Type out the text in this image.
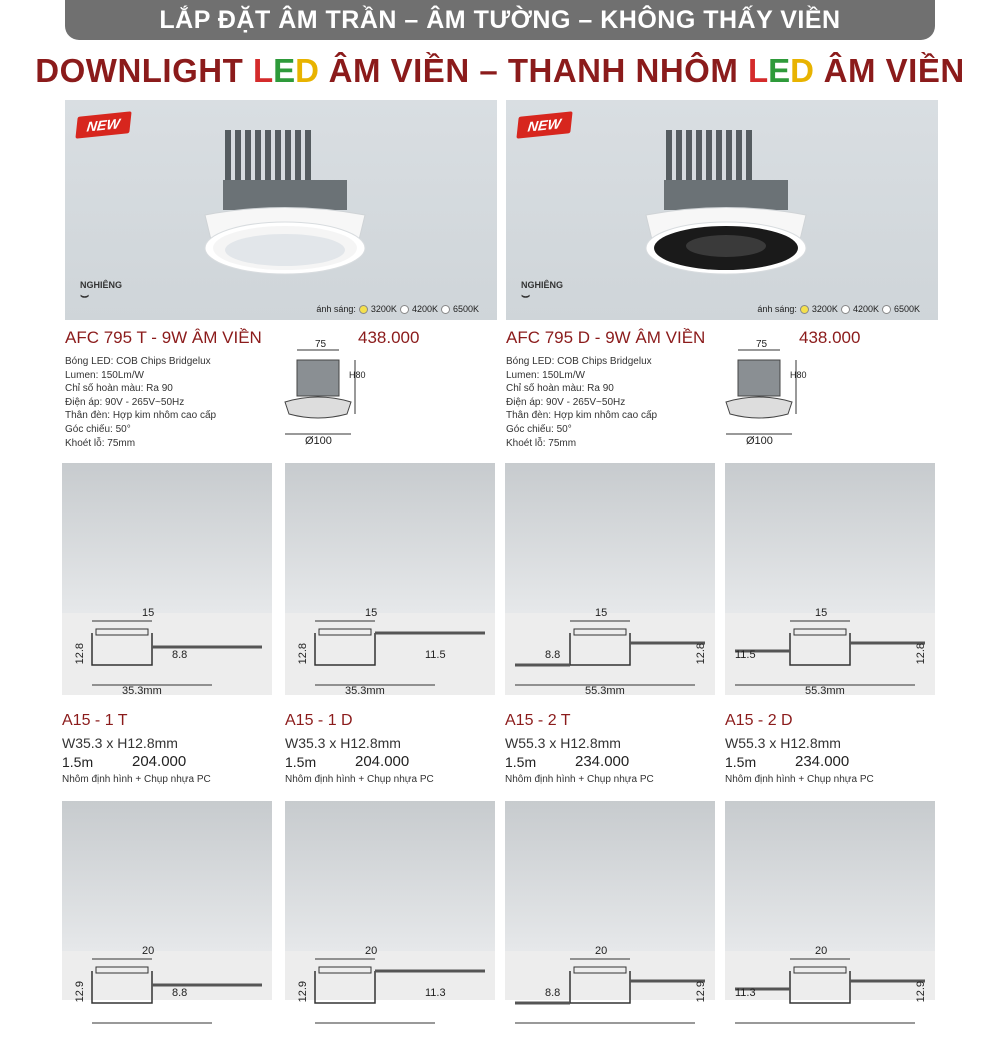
LẮP ĐẶT ÂM TRẦN – ÂM TƯỜNG – KHÔNG THẤY VIỀN
DOWNLIGHT LED ÂM VIỀN – THANH NHÔM LED ÂM VIỀN
NEW
NGHIÊNG
⌣
ánh sáng: 3200K 4200K 6500K
AFC 795 T - 9W ÂM VIỀN	438.000
Bóng LED: COB Chips Bridgelux
Lumen: 150Lm/W
Chỉ số hoàn màu: Ra 90
Điện áp: 90V - 265V~50Hz
Thân đèn: Hợp kim nhôm cao cấp
Góc chiếu: 50°
Khoét lỗ: 75mm
75
H80
Ø100
NEW
NGHIÊNG
⌣
ánh sáng: 3200K 4200K 6500K
AFC 795 D - 9W ÂM VIỀN	438.000
Bóng LED: COB Chips Bridgelux
Lumen: 150Lm/W
Chỉ số hoàn màu: Ra 90
Điện áp: 90V - 265V~50Hz
Thân đèn: Hợp kim nhôm cao cấp
Góc chiếu: 50°
Khoét lỗ: 75mm
75
H80
Ø100
15
12.8	8.8
35.3mm
A15 - 1 T
W35.3 x H12.8mm
1.5m	204.000
Nhôm định hình + Chụp nhựa PC
15
12.8	11.5
35.3mm
A15 - 1 D
W35.3 x H12.8mm
1.5m	204.000
Nhôm định hình + Chụp nhựa PC
15
12.8
8.8
55.3mm
A15 - 2 T
W55.3 x H12.8mm
1.5m	234.000
Nhôm định hình + Chụp nhựa PC
15
12.8
11.5
55.3mm
A15 - 2 D
W55.3 x H12.8mm
1.5m	234.000
Nhôm định hình + Chụp nhựa PC
20
12.9	8.8
20
12.9	11.3
20
12.9
8.8
20
12.9
11.3
